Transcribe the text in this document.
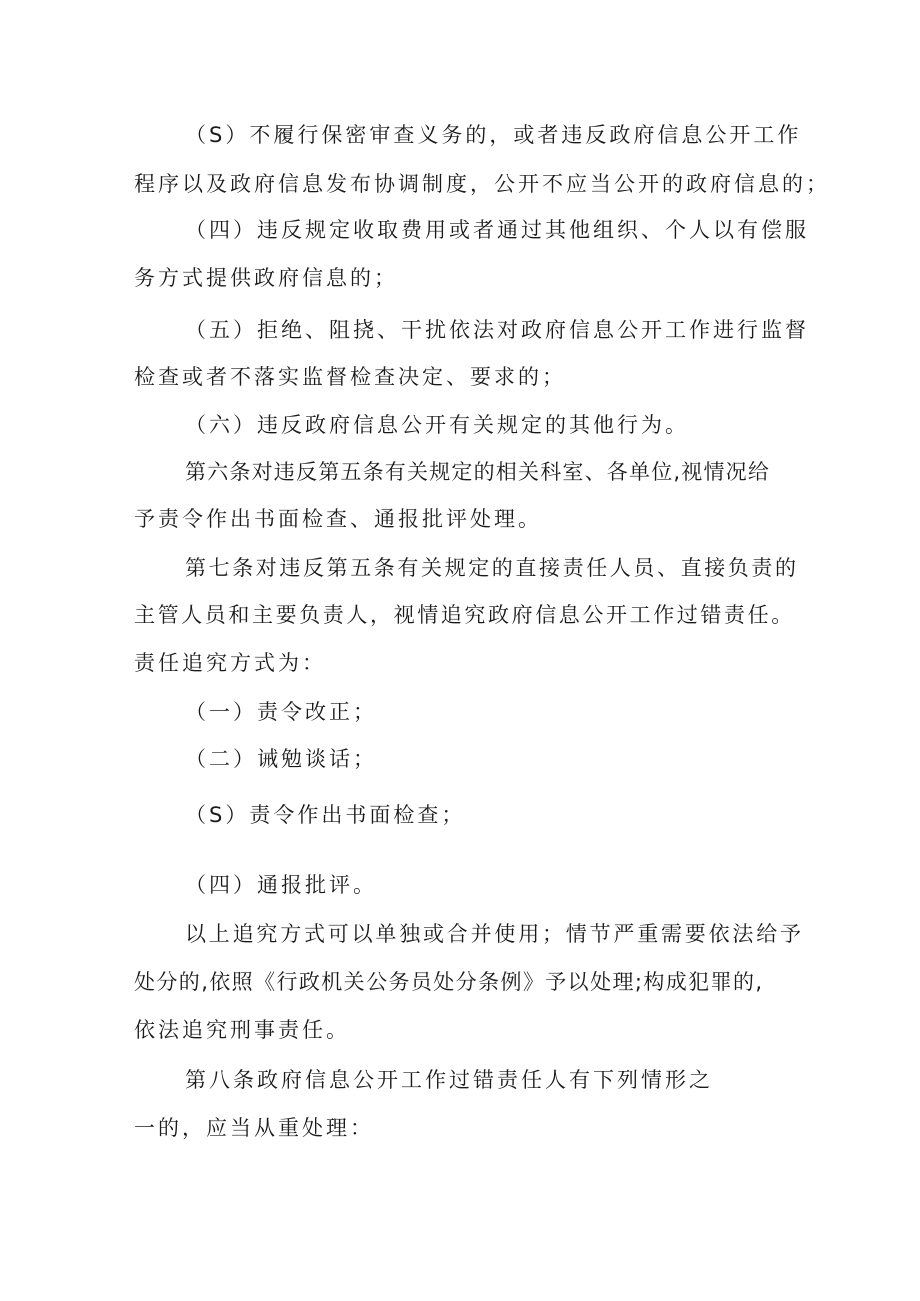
（S）不履行保密审查义务的，或者违反政府信息公开工作
程序以及政府信息发布协调制度，公开不应当公开的政府信息的；
（四）违反规定收取费用或者通过其他组织、个人以有偿服
务方式提供政府信息的；
（五）拒绝、阻挠、干扰依法对政府信息公开工作进行监督
检查或者不落实监督检查决定、要求的；
（六）违反政府信息公开有关规定的其他行为。
第六条对违反第五条有关规定的相关科室、各单位,视情况给
予责令作出书面检查、通报批评处理。
第七条对违反第五条有关规定的直接责任人员、直接负责的
主管人员和主要负责人，视情追究政府信息公开工作过错责任。
责任追究方式为：
（一）责令改正；
（二）诫勉谈话；
（S）责令作出书面检查；
（四）通报批评。
以上追究方式可以单独或合并使用；情节严重需要依法给予
处分的,依照《行政机关公务员处分条例》予以处理;构成犯罪的,
依法追究刑事责任。
第八条政府信息公开工作过错责任人有下列情形之
一的，应当从重处理：
